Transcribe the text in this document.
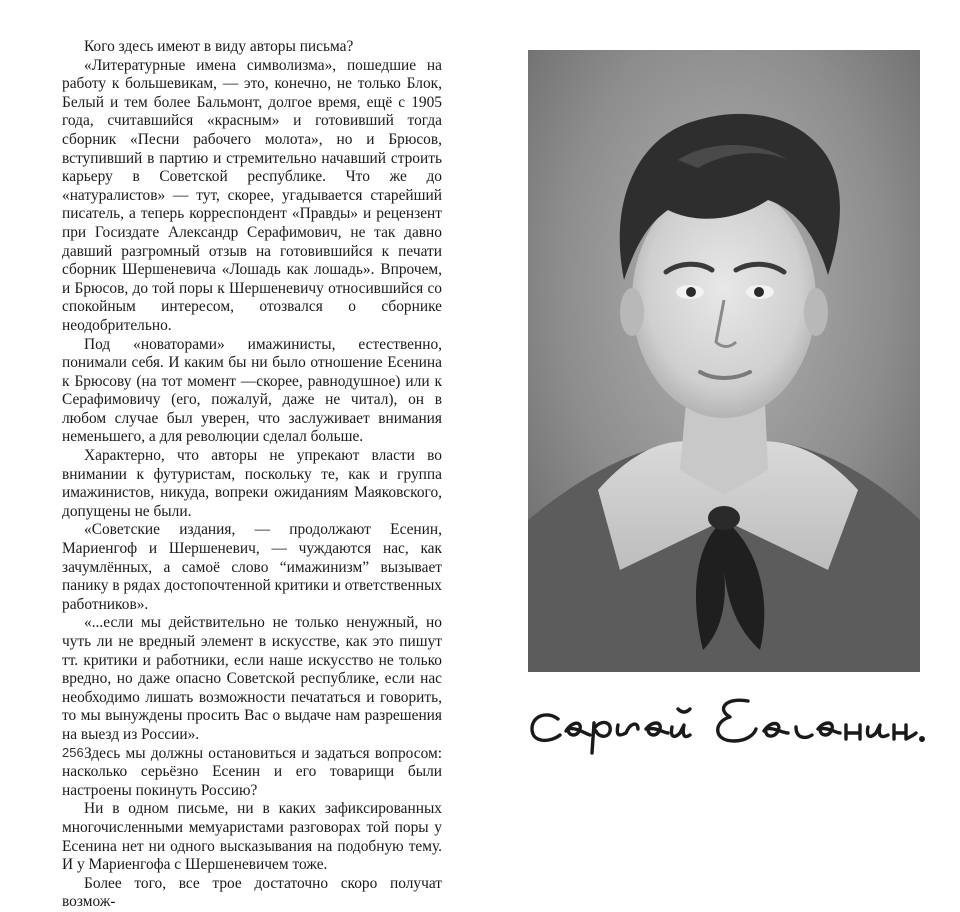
Кого здесь имеют в виду авторы письма?

«Литературные имена символизма», пошедшие на работу к большевикам, — это, конечно, не только Блок, Белый и тем более Бальмонт, долгое время, ещё с 1905 года, считавшийся «красным» и готовивший тогда сборник «Песни рабочего молота», но и Брюсов, вступивший в партию и стремительно начавший строить карьеру в Советской республике. Что же до «натуралистов» — тут, скорее, угадывается старейший писатель, а теперь корреспондент «Правды» и рецензент при Госиздате Александр Серафимович, не так давно давший разгромный отзыв на готовившийся к печати сборник Шершеневича «Лошадь как лошадь». Впрочем, и Брюсов, до той поры к Шершеневичу относившийся со спокойным интересом, отозвался о сборнике неодобрительно.

Под «новаторами» имажинисты, естественно, понимали себя. И каким бы ни было отношение Есенина к Брюсову (на тот момент —скорее, равнодушное) или к Серафимовичу (его, пожалуй, даже не читал), он в любом случае был уверен, что заслуживает внимания неменьшего, а для революции сделал больше.

Характерно, что авторы не упрекают власти во внимании к футуристам, поскольку те, как и группа имажинистов, никуда, вопреки ожиданиям Маяковского, допущены не были.

«Советские издания, — продолжают Есенин, Мариенгоф и Шершеневич, — чуждаются нас, как зачумлённых, а самоё слово “имажинизм” вызывает панику в рядах достопочтенной критики и ответственных работников».

«...если мы действительно не только ненужный, но чуть ли не вредный элемент в искусстве, как это пишут тт. критики и работники, если наше искусство не только вредно, но даже опасно Советской республике, если нас необходимо лишать возможности печататься и говорить, то мы вынуждены просить Вас о выдаче нам разрешения на выезд из России».

Здесь мы должны остановиться и задаться вопросом: насколько серьёзно Есенин и его товарищи были настроены покинуть Россию?

Ни в одном письме, ни в каких зафиксированных многочисленными мемуаристами разговорах той поры у Есенина нет ни одного высказывания на подобную тему. И у Мариенгофа с Шершеневичем тоже.

Более того, все трое достаточно скоро получат возмож-

256
Сергей Есенин.
